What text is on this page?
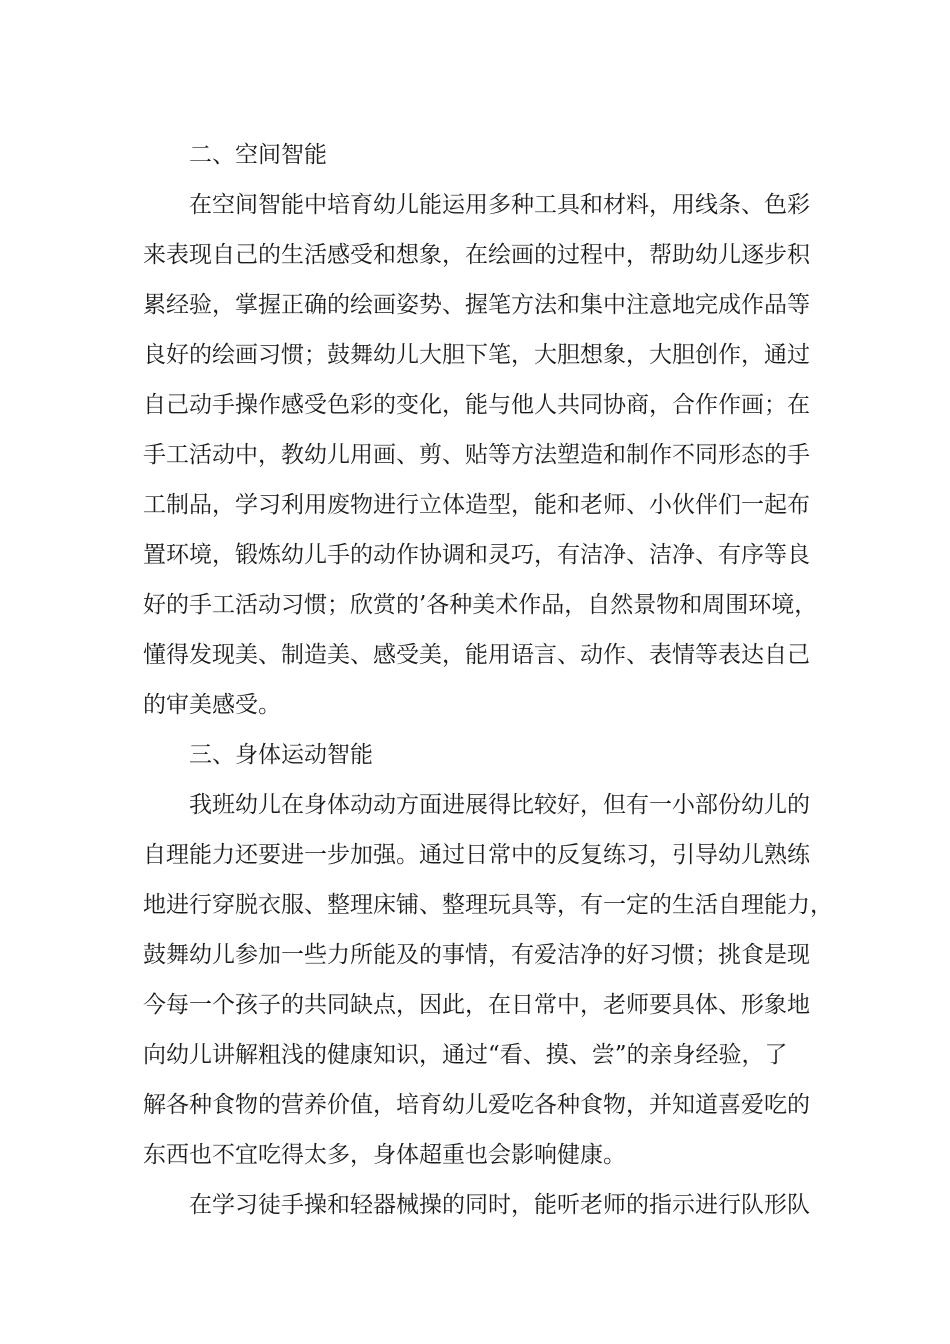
二、空间智能
在空间智能中培育幼儿能运用多种工具和材料，用线条、色彩
来表现自己的生活感受和想象，在绘画的过程中，帮助幼儿逐步积
累经验，掌握正确的绘画姿势、握笔方法和集中注意地完成作品等
良好的绘画习惯；鼓舞幼儿大胆下笔，大胆想象，大胆创作，通过
自己动手操作感受色彩的变化，能与他人共同协商，合作作画；在
手工活动中，教幼儿用画、剪、贴等方法塑造和制作不同形态的手
工制品，学习利用废物进行立体造型，能和老师、小伙伴们一起布
置环境，锻炼幼儿手的动作协调和灵巧，有洁净、洁净、有序等良
好的手工活动习惯；欣赏的’各种美术作品，自然景物和周围环境，
懂得发现美、制造美、感受美，能用语言、动作、表情等表达自己
的审美感受。
三、身体运动智能
我班幼儿在身体动动方面进展得比较好，但有一小部份幼儿的
自理能力还要进一步加强。通过日常中的反复练习，引导幼儿熟练
地进行穿脱衣服、整理床铺、整理玩具等，有一定的生活自理能力，
鼓舞幼儿参加一些力所能及的事情，有爱洁净的好习惯；挑食是现
今每一个孩子的共同缺点，因此，在日常中，老师要具体、形象地
向幼儿讲解粗浅的健康知识，通过“看、摸、尝”的亲身经验，了
解各种食物的营养价值，培育幼儿爱吃各种食物，并知道喜爱吃的
东西也不宜吃得太多，身体超重也会影响健康。
在学习徒手操和轻器械操的同时，能听老师的指示进行队形队
